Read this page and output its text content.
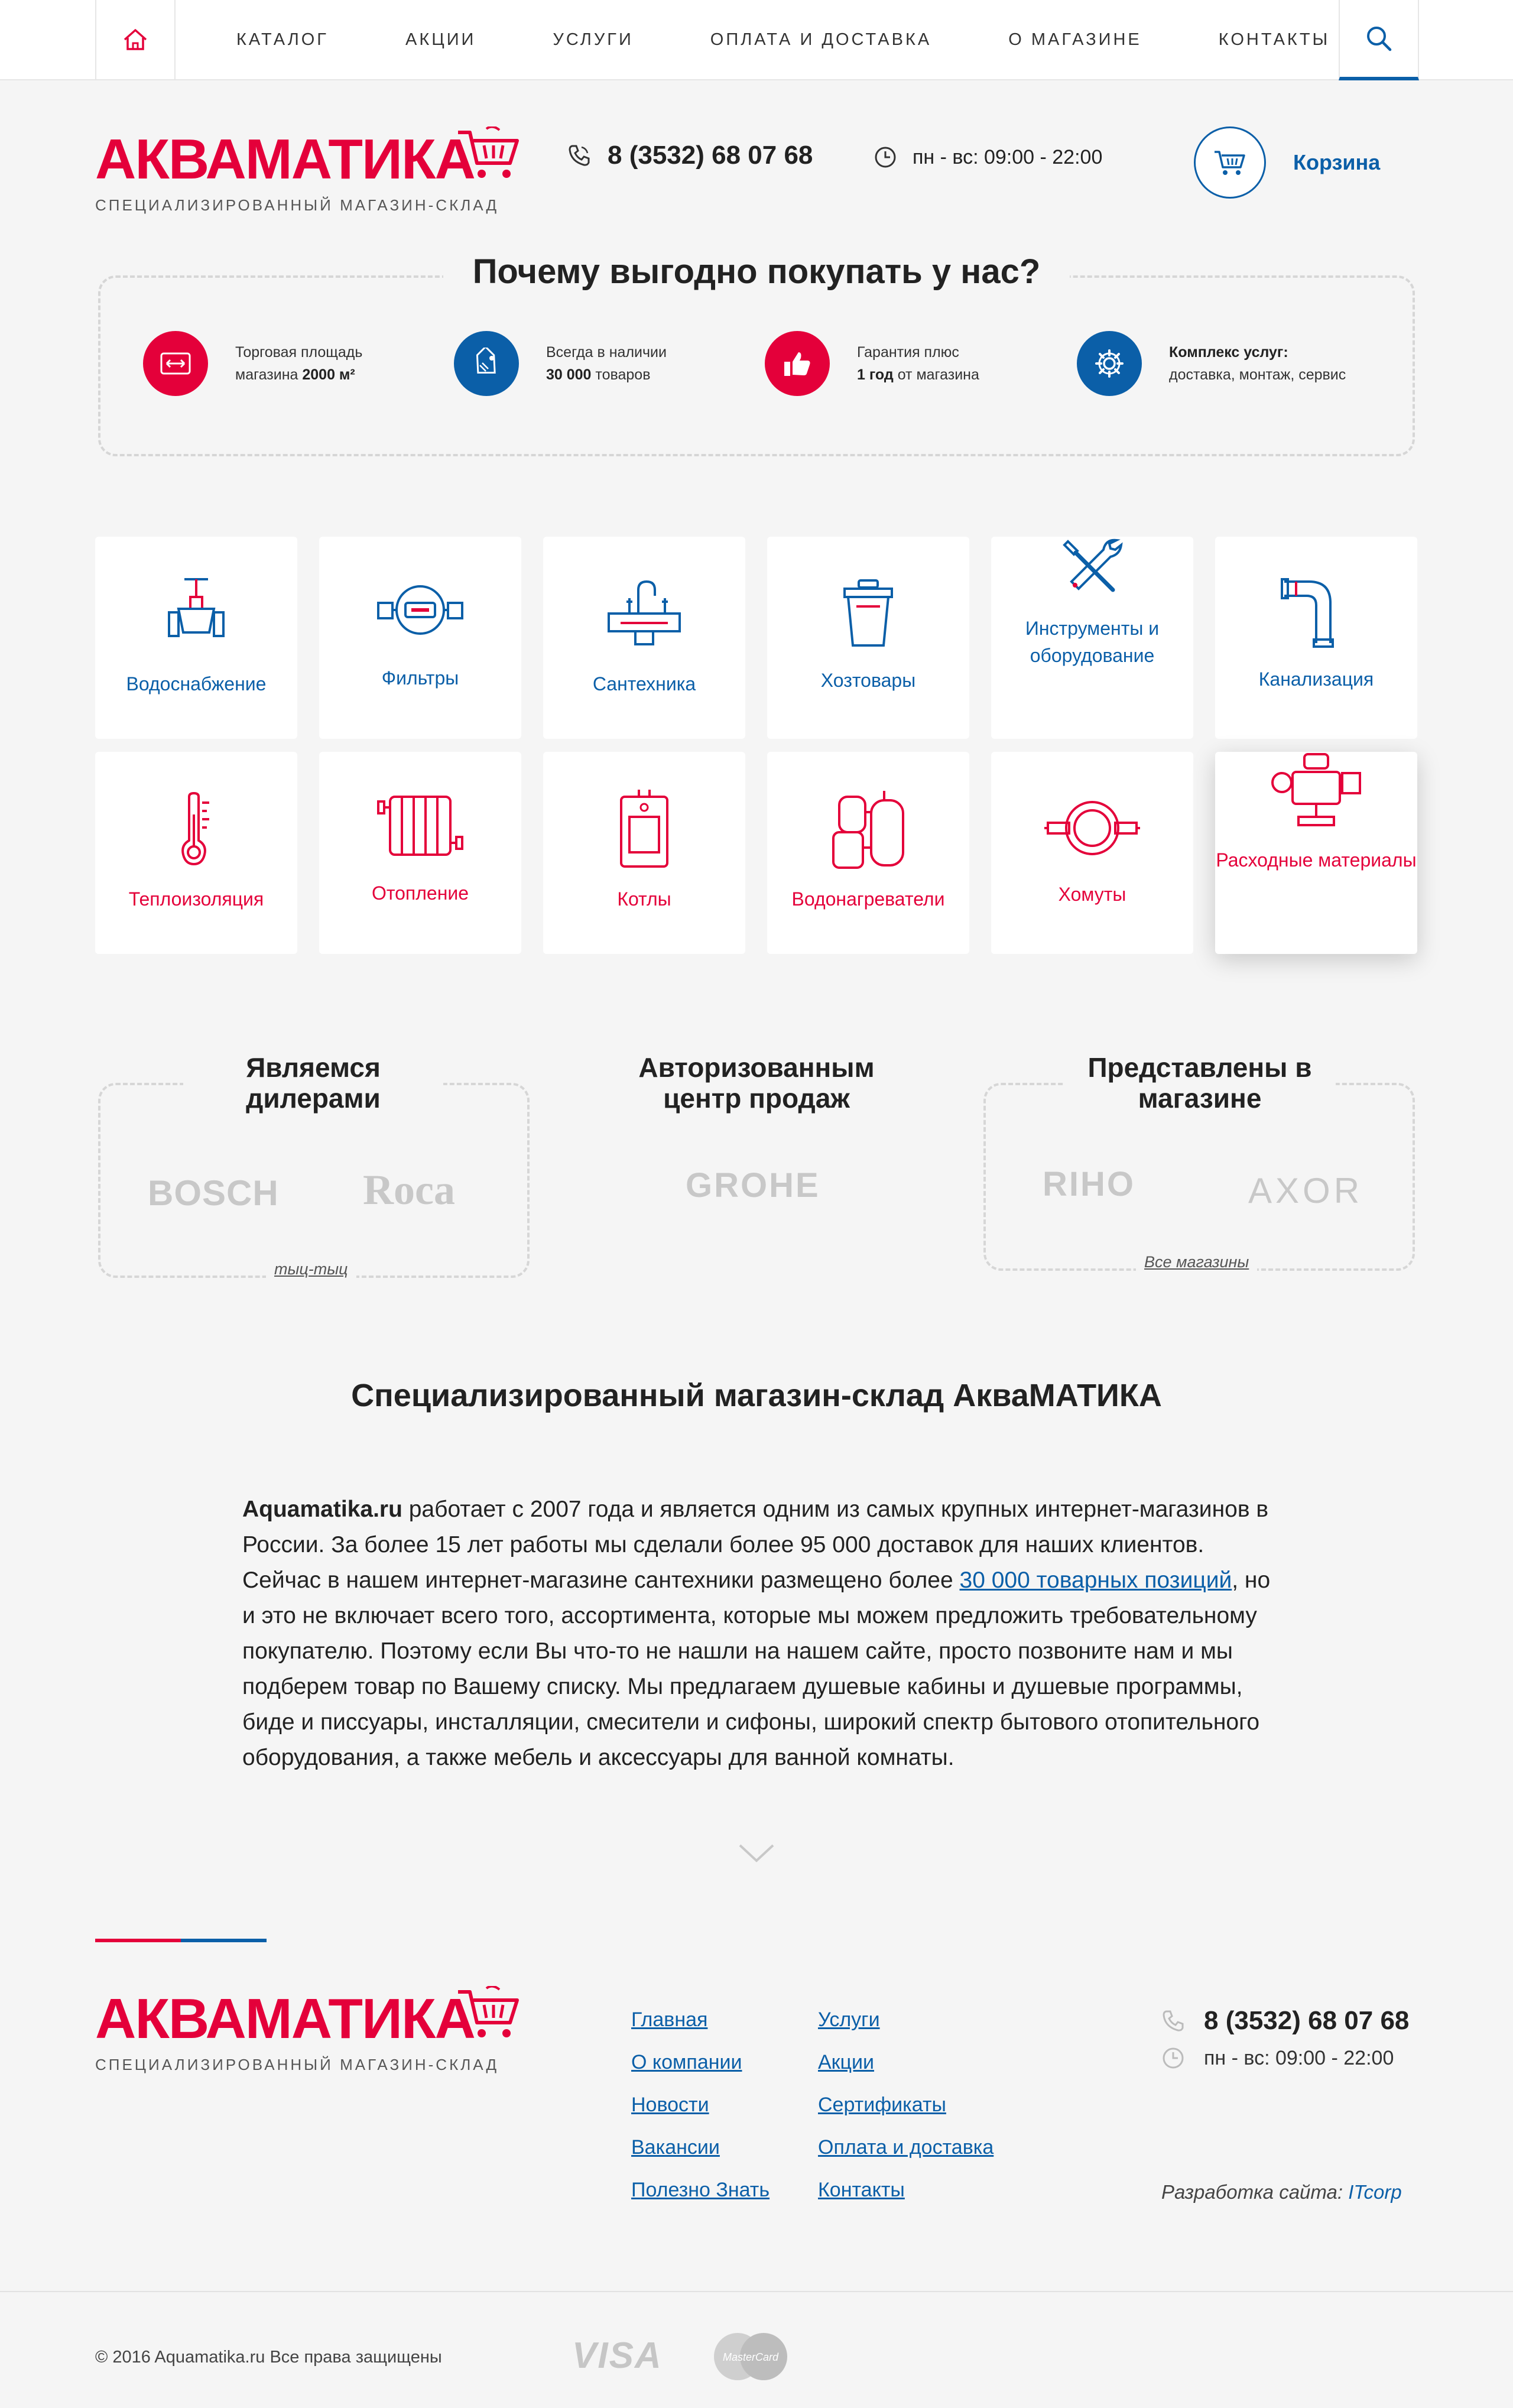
КАТАЛОГ	АКЦИИ	УСЛУГИ	ОПЛАТА И ДОСТАВКА	О МАГАЗИНЕ	КОНТАКТЫ
АКВАМАТИКА
СПЕЦИАЛИЗИРОВАННЫЙ МАГАЗИН-СКЛАД
8 (3532) 68 07 68	пн - вс: 09:00 - 22:00	Корзина
Почему выгодно покупать у нас?
Торговая площадь
магазина 2000 м²
Всегда в наличии
30 000 товаров
Гарантия плюс
1 год от магазина
Комплекс услуг:
доставка, монтаж, сервис
Водоснабжение	Фильтры	Сантехника	Хозтовары
Инструменты и оборудование
Канализация
Теплоизоляция	Отопление	Котлы	Водонагреватели	Хомуты
Расходные материалы
Являемся дилерами
BOSCH Roca
тыц-тыц
Авторизованным центр продаж
GROHE
Представлены в магазине
RIHO	AXOR
Все магазины
Специализированный магазин-склад АкваМАТИКА
Aquamatika.ru работает с 2007 года и является одним из самых крупных интернет-магазинов в России. За более 15 лет работы мы сделали более 95 000 доставок для наших клиентов. Сейчас в нашем интернет-магазине сантехники размещено более 30 000 товарных позиций, но и это не включает всего того, ассортимента, которые мы можем предложить требовательному покупателю. Поэтому если Вы что-то не нашли на нашем сайте, просто позвоните нам и мы подберем товар по Вашему списку. Мы предлагаем душевые кабины и душевые программы, биде и писсуары, инсталляции, смесители и сифоны, широкий спектр бытового отопительного оборудования, а также мебель и аксессуары для ванной комнаты.
АКВАМАТИКА
СПЕЦИАЛИЗИРОВАННЫЙ МАГАЗИН-СКЛАД
Главная
О компании
Новости
Вакансии
Полезно Знать
Услуги
Акции
Сертификаты
Оплата и доставка
Контакты
8 (3532) 68 07 68
пн - вс: 09:00 - 22:00
Разработка сайта: ITcorp
© 2016 Aquamatika.ru Все права защищены	VISA	MasterCard
